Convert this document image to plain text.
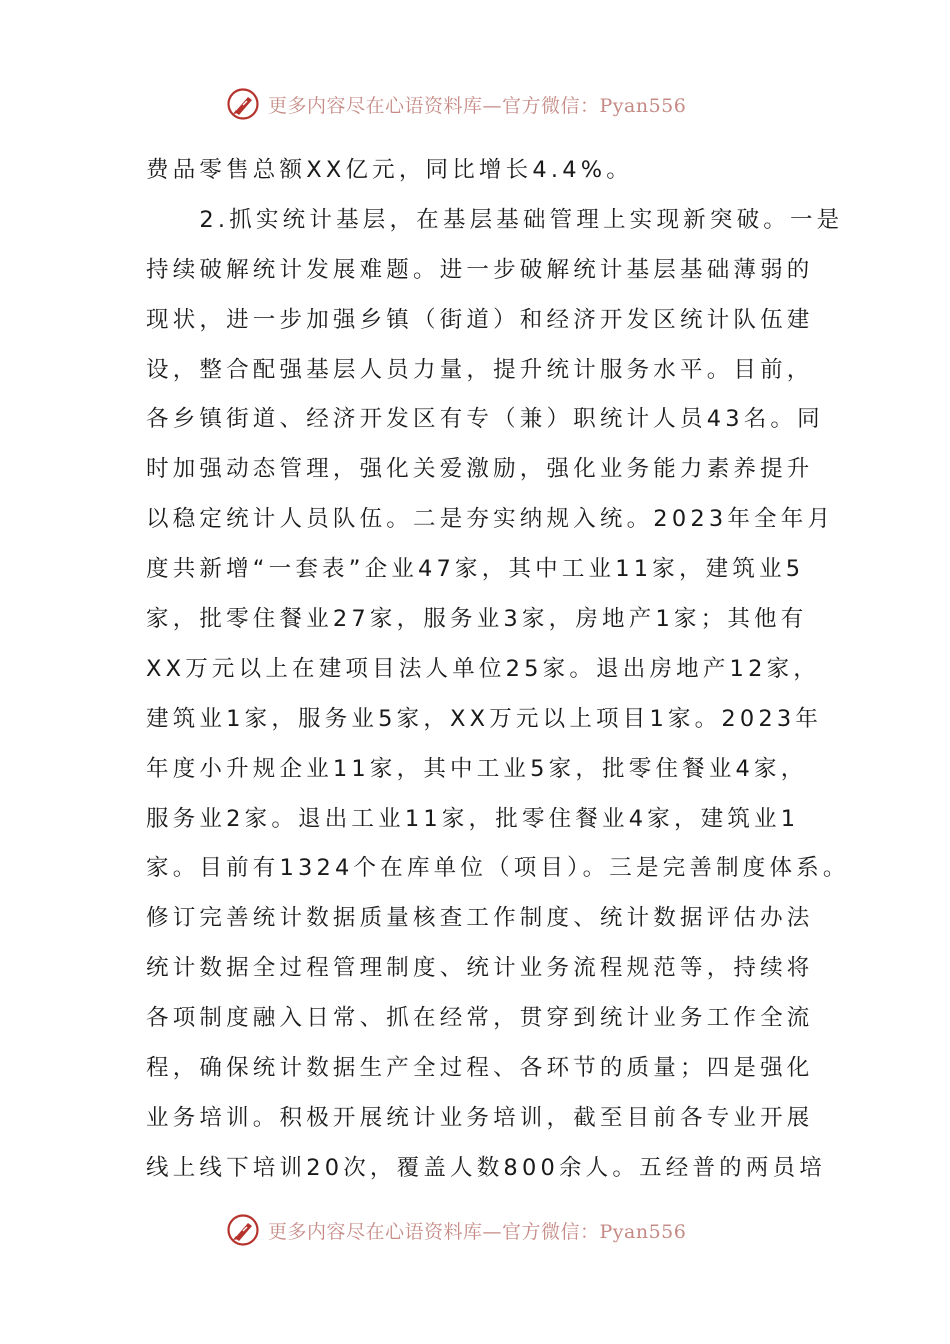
更多内容尽在心语资料库—官方微信：Pyan556
费品零售总额XX亿元，同比增长4.4%。
　　2.抓实统计基层，在基层基础管理上实现新突破。一是
持续破解统计发展难题。进一步破解统计基层基础薄弱的
现状，进一步加强乡镇（街道）和经济开发区统计队伍建
设，整合配强基层人员力量，提升统计服务水平。目前，
各乡镇街道、经济开发区有专（兼）职统计人员43名。同
时加强动态管理，强化关爱激励，强化业务能力素养提升
以稳定统计人员队伍。二是夯实纳规入统。2023年全年月
度共新增“一套表”企业47家，其中工业11家，建筑业5
家，批零住餐业27家，服务业3家，房地产1家；其他有
XX万元以上在建项目法人单位25家。退出房地产12家，
建筑业1家，服务业5家，XX万元以上项目1家。2023年
年度小升规企业11家，其中工业5家，批零住餐业4家，
服务业2家。退出工业11家，批零住餐业4家，建筑业1
家。目前有1324个在库单位（项目）。三是完善制度体系。
修订完善统计数据质量核查工作制度、统计数据评估办法
统计数据全过程管理制度、统计业务流程规范等，持续将
各项制度融入日常、抓在经常，贯穿到统计业务工作全流
程，确保统计数据生产全过程、各环节的质量；四是强化
业务培训。积极开展统计业务培训，截至目前各专业开展
线上线下培训20次，覆盖人数800余人。五经普的两员培
更多内容尽在心语资料库—官方微信：Pyan556
